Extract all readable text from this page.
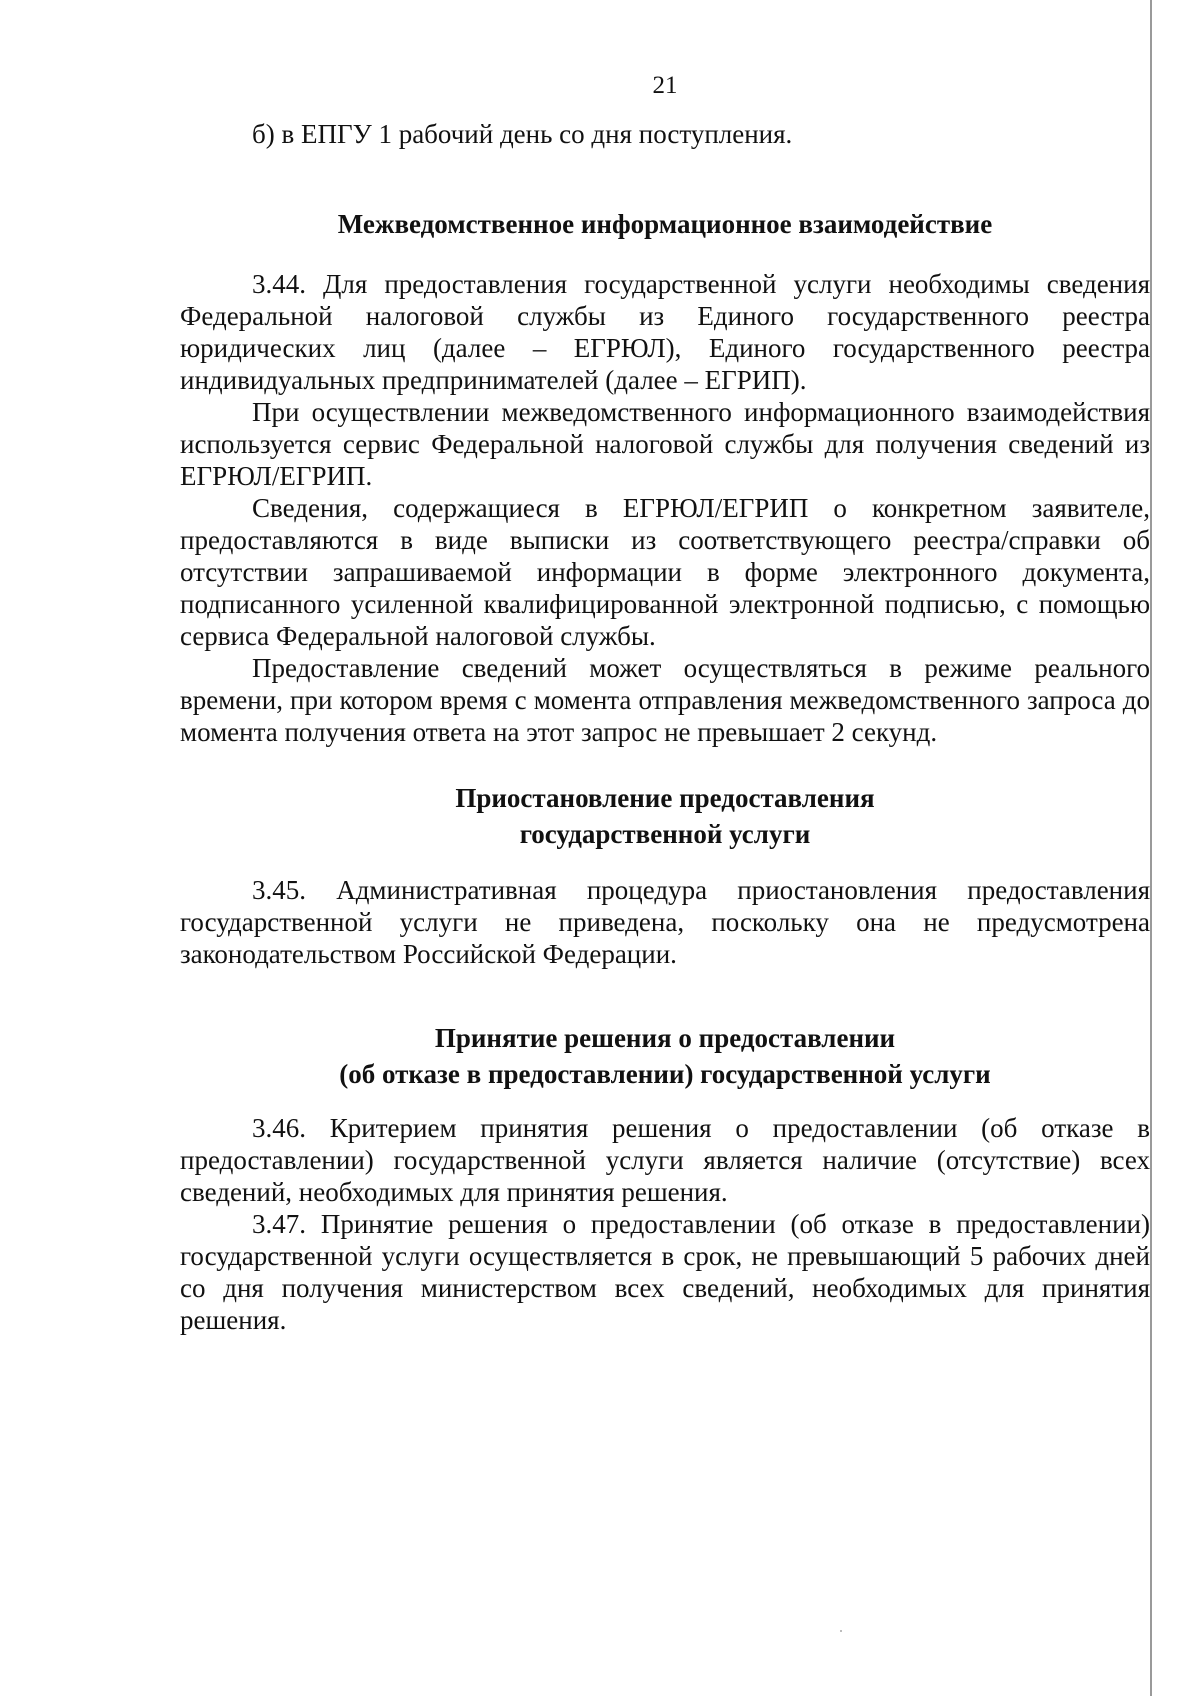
21

б) в ЕПГУ 1 рабочий день со дня поступления.

Межведомственное информационное взаимодействие

3.44. Для предоставления государственной услуги необходимы сведения Федеральной налоговой службы из Единого государственного реестра юридических лиц (далее – ЕГРЮЛ), Единого государственного реестра индивидуальных предпринимателей (далее – ЕГРИП).

При осуществлении межведомственного информационного взаимодействия используется сервис Федеральной налоговой службы для получения сведений из ЕГРЮЛ/ЕГРИП.

Сведения, содержащиеся в ЕГРЮЛ/ЕГРИП о конкретном заявителе, предоставляются в виде выписки из соответствующего реестра/справки об отсутствии запрашиваемой информации в форме электронного документа, подписанного усиленной квалифицированной электронной подписью, с помощью сервиса Федеральной налоговой службы.

Предоставление сведений может осуществляться в режиме реального времени, при котором время с момента отправления межведомственного запроса до момента получения ответа на этот запрос не превышает 2 секунд.

Приостановление предоставления
государственной услуги

3.45. Административная процедура приостановления предоставления государственной услуги не приведена, поскольку она не предусмотрена законодательством Российской Федерации.

Принятие решения о предоставлении
(об отказе в предоставлении) государственной услуги

3.46. Критерием принятия решения о предоставлении (об отказе в предоставлении) государственной услуги является наличие (отсутствие) всех сведений, необходимых для принятия решения.

3.47. Принятие решения о предоставлении (об отказе в предоставлении) государственной услуги осуществляется в срок, не превышающий 5 рабочих дней со дня получения министерством всех сведений, необходимых для принятия решения.
